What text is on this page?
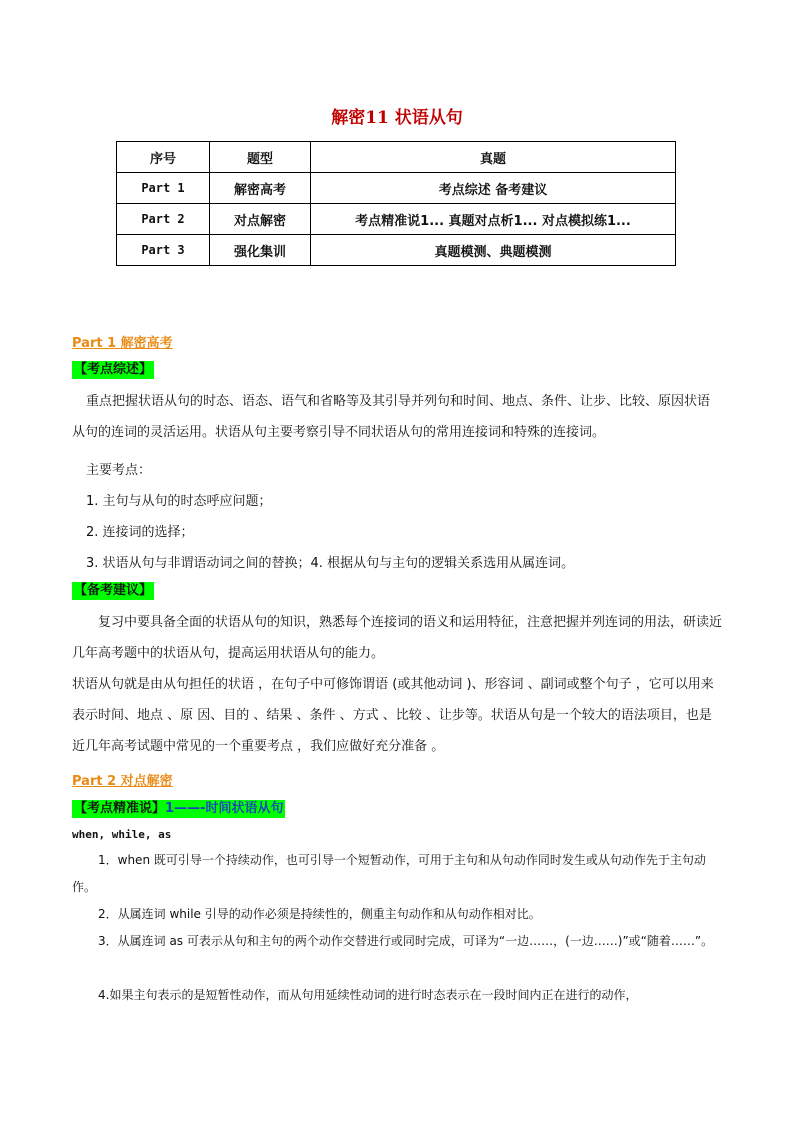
解密11 状语从句
序号	题型	真题
Part 1	解密高考	考点综述 备考建议
Part 2	对点解密	考点精准说1... 真题对点析1... 对点模拟练1...
Part 3	强化集训	真题模测、典题模测
Part 1 解密高考
【考点综述】
重点把握状语从句的时态、语态、语气和省略等及其引导并列句和时间、地点、条件、让步、比较、原因状语从句的连词的灵活运用。状语从句主要考察引导不同状语从句的常用连接词和特殊的连接词。
主要考点：
1. 主句与从句的时态呼应问题；
2. 连接词的选择；
3. 状语从句与非谓语动词之间的替换；4. 根据从句与主句的逻辑关系选用从属连词。
【备考建议】
复习中要具备全面的状语从句的知识，熟悉每个连接词的语义和运用特征，注意把握并列连词的用法，研读近几年高考题中的状语从句，提高运用状语从句的能力。
状语从句就是由从句担任的状语 ，在句子中可修饰谓语 (或其他动词 )、形容词 、副词或整个句子 ，它可以用来表示时间、地点 、原 因、目的 、结果 、条件 、方式 、比较 、让步等。状语从句是一个较大的语法项目，也是近几年高考试题中常见的一个重要考点 ，我们应做好充分准备 。
Part 2 对点解密
【考点精准说】1——-时间状语从句
when, while, as
1．when 既可引导一个持续动作，也可引导一个短暂动作，可用于主句和从句动作同时发生或从句动作先于主句动作。
2．从属连词 while 引导的动作必须是持续性的，侧重主句动作和从句动作相对比。
3．从属连词 as 可表示从句和主句的两个动作交替进行或同时完成，可译为“一边……，(一边……)”或“随着……”。
4.如果主句表示的是短暂性动作，而从句用延续性动词的进行时态表示在一段时间内正在进行的动作，
